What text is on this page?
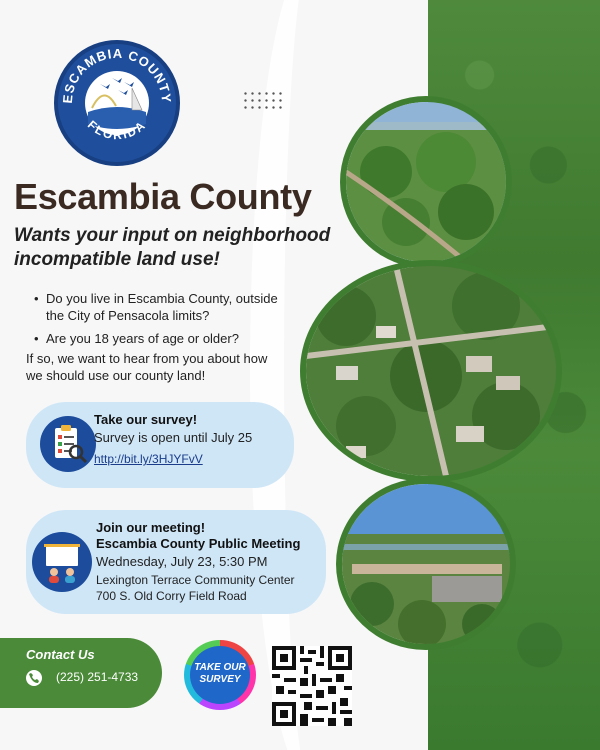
ESCAMBIA COUNTY
FLORIDA
Escambia County

Wants your input on neighborhood incompatible land use!

• Do you live in Escambia County, outside the City of Pensacola limits?
• Are you 18 years of age or older?

If so, we want to hear from you about how we should use our county land!

Take our survey!
Survey is open until July 25
http://bit.ly/3HJYFvV
Join our meeting!
Escambia County Public Meeting
Wednesday, July 23, 5:30 PM
Lexington Terrace Community Center
700 S. Old Corry Field Road
Contact Us
(225) 251-4733
TAKE OUR
SURVEY
